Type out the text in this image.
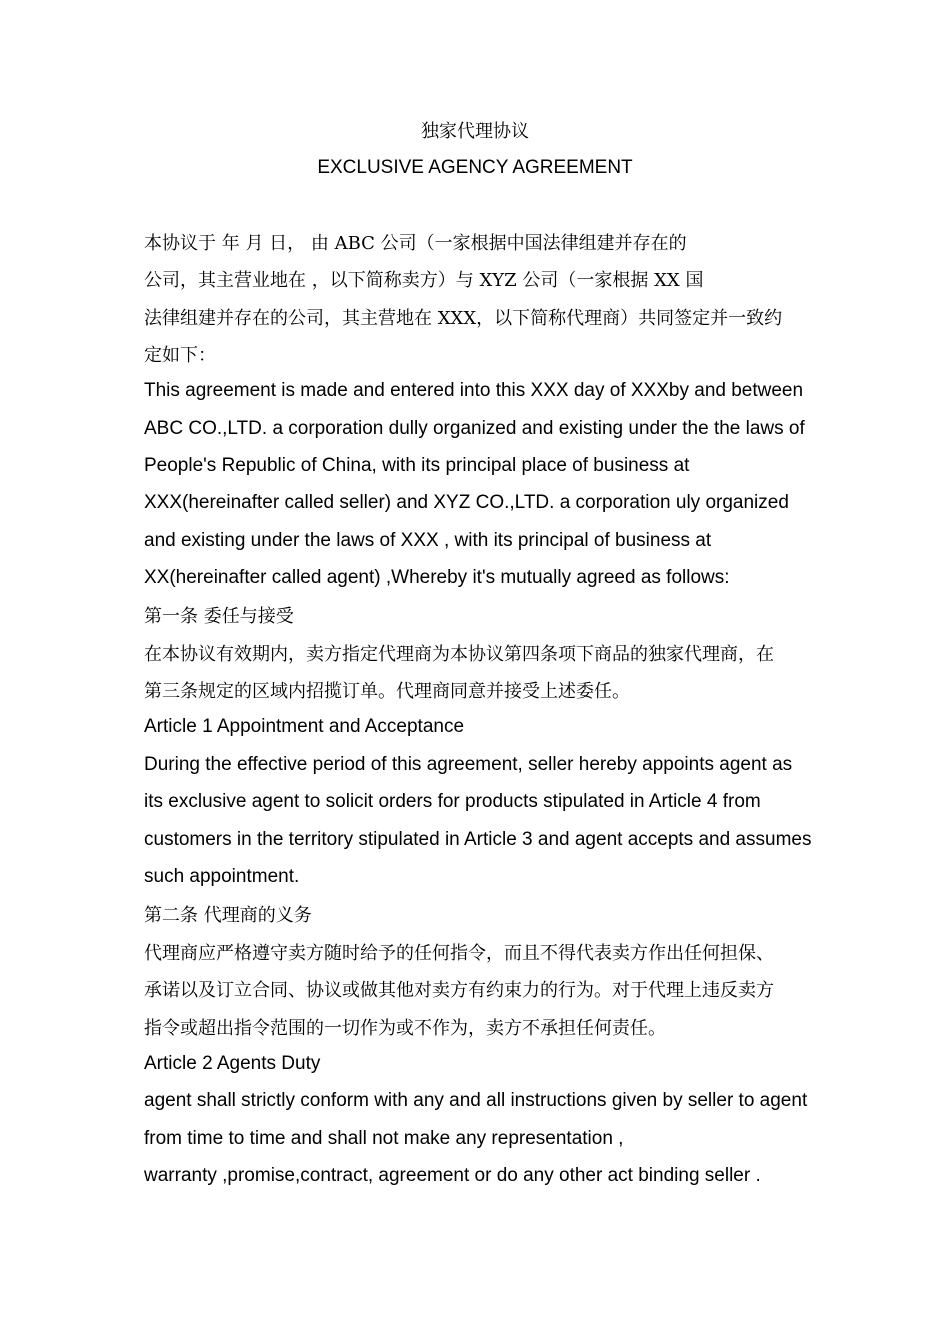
独家代理协议
EXCLUSIVE AGENCY AGREEMENT
本协议于 年 月 日， 由 ABC 公司（一家根据中国法律组建并存在的
公司，其主营业地在 ，以下简称卖方）与 XYZ 公司（一家根据 XX 国
法律组建并存在的公司，其主营地在 XXX，以下简称代理商）共同签定并一致约
定如下：
This agreement is made and entered into this XXX day of XXXby and between
ABC CO.,LTD. a corporation dully organized and existing under the the laws of
People's Republic of China, with its principal place of business at
XXX(hereinafter called seller) and XYZ CO.,LTD. a corporation uly organized
and existing under the laws of XXX , with its principal of business at
XX(hereinafter called agent) ,Whereby it's mutually agreed as follows:
第一条 委任与接受
在本协议有效期内，卖方指定代理商为本协议第四条项下商品的独家代理商，在
第三条规定的区域内招揽订单。代理商同意并接受上述委任。
Article 1 Appointment and Acceptance
During the effective period of this agreement, seller hereby appoints agent as
its exclusive agent to solicit orders for products stipulated in Article 4 from
customers in the territory stipulated in Article 3 and agent accepts and assumes
such appointment.
第二条 代理商的义务
代理商应严格遵守卖方随时给予的任何指令，而且不得代表卖方作出任何担保、
承诺以及订立合同、协议或做其他对卖方有约束力的行为。对于代理上违反卖方
指令或超出指令范围的一切作为或不作为，卖方不承担任何责任。
Article 2 Agents Duty
agent shall strictly conform with any and all instructions given by seller to agent
from time to time and shall not make any representation ,
warranty ,promise,contract, agreement or do any other act binding seller .
